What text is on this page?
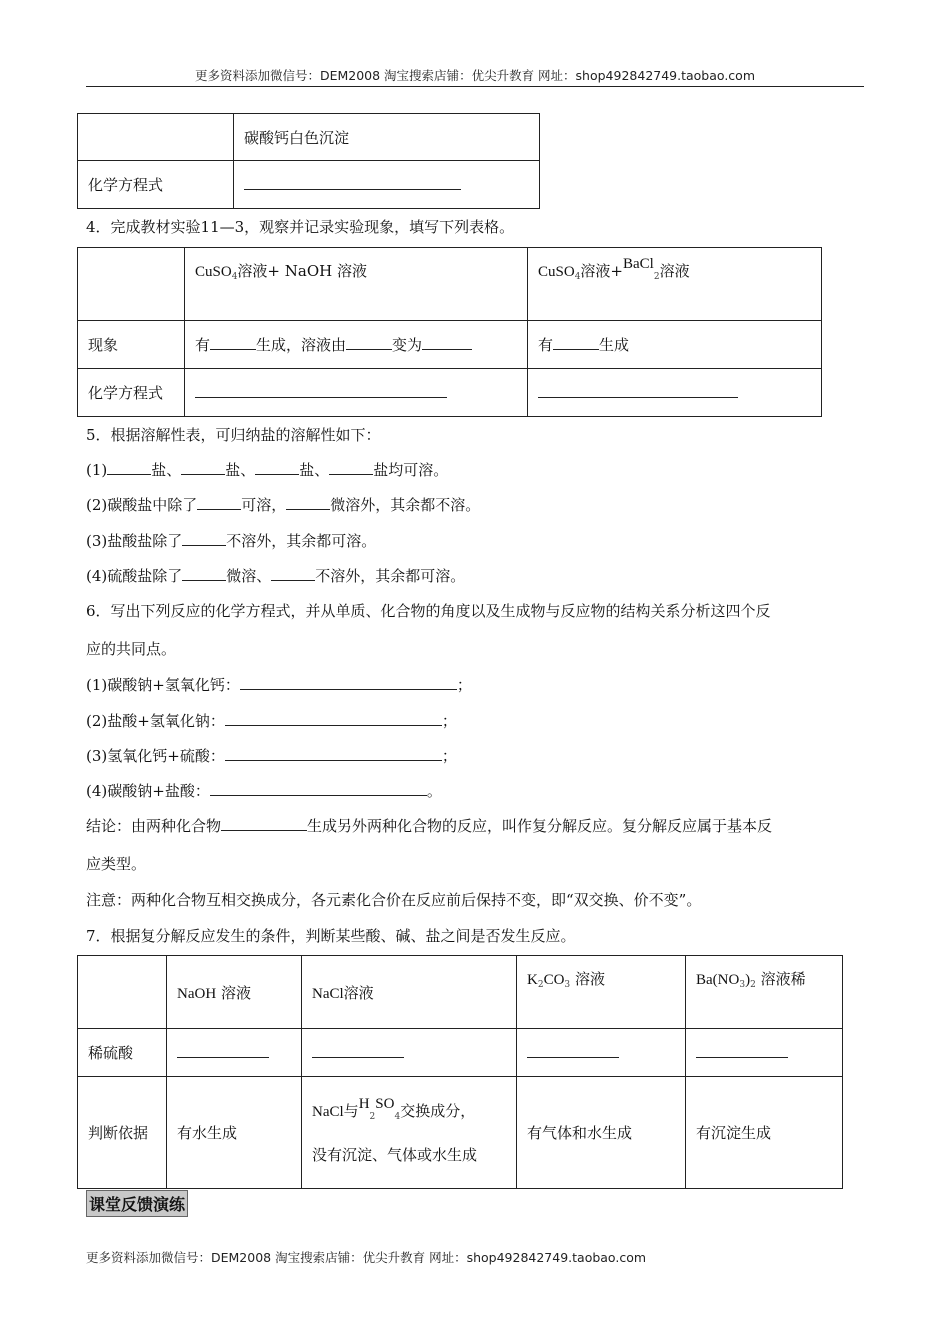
更多资料添加微信号：DEM2008 淘宝搜索店铺：优尖升教育 网址：shop492842749.taobao.com
	碳酸钙白色沉淀
化学方程式	
4．完成教材实验11—3，观察并记录实验现象，填写下列表格。
	CuSO$_4$溶液+ NaOH 溶液	CuSO$_4$溶液+BaCl$_2$溶液
现象	有 生成，溶液由 变为	有 生成
化学方程式		
5．根据溶解性表，可归纳盐的溶解性如下：
(1)	盐、	盐、	盐、	盐均可溶。
(2)碳酸盐中除了	可溶，	微溶外，其余都不溶。
(3)盐酸盐除了	不溶外，其余都可溶。
(4)硫酸盐除了	微溶、	不溶外，其余都可溶。
6．写出下列反应的化学方程式，并从单质、化合物的角度以及生成物与反应物的结构关系分析这四个反
应的共同点。
(1)碳酸钠+氢氧化钙：	；
(2)盐酸+氢氧化钠：	；
(3)氢氧化钙+硫酸：	；
(4)碳酸钠+盐酸：	。
结论：由两种化合物	生成另外两种化合物的反应，叫作复分解反应。复分解反应属于基本反
应类型。
注意：两种化合物互相交换成分，各元素化合价在反应前后保持不变，即“双交换、价不变”。
7．根据复分解反应发生的条件，判断某些酸、碱、盐之间是否发生反应。
	NaOH 溶液	NaCl溶液	$K_2CO_3$ 溶液	$Ba(NO_3)_2$ 溶液稀
稀硫酸				
判断依据	有水生成	NaCl与$H_2SO_4$交换成分，
没有沉淀、气体或水生成	有气体和水生成	有沉淀生成
课堂反馈演练
更多资料添加微信号：DEM2008 淘宝搜索店铺：优尖升教育 网址：shop492842749.taobao.com
